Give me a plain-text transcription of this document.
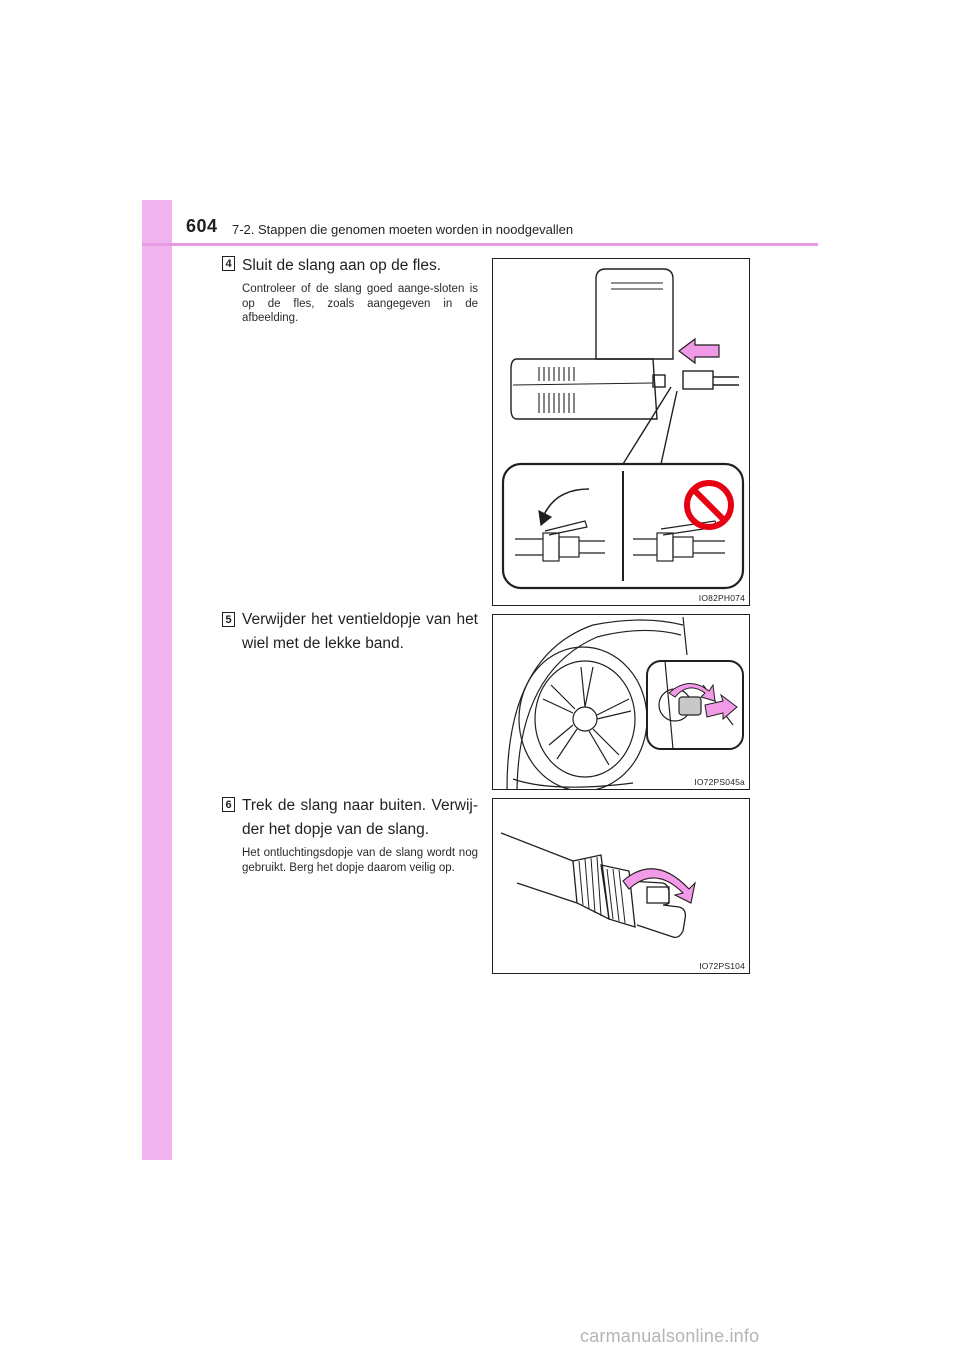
604 7-2. Stappen die genomen moeten worden in noodgevallen
4 Sluit de slang aan op de fles.
Controleer of de slang goed aange-sloten is op de fles, zoals aangegeven in de afbeelding.
IO82PH074
5 Verwijder het ventieldopje van het wiel met de lekke band.
IO72PS045a
6 Trek de slang naar buiten. Verwij-der het dopje van de slang.
Het ontluchtingsdopje van de slang wordt nog gebruikt. Berg het dopje daarom veilig op.
IO72PS104
carmanualsonline.info
